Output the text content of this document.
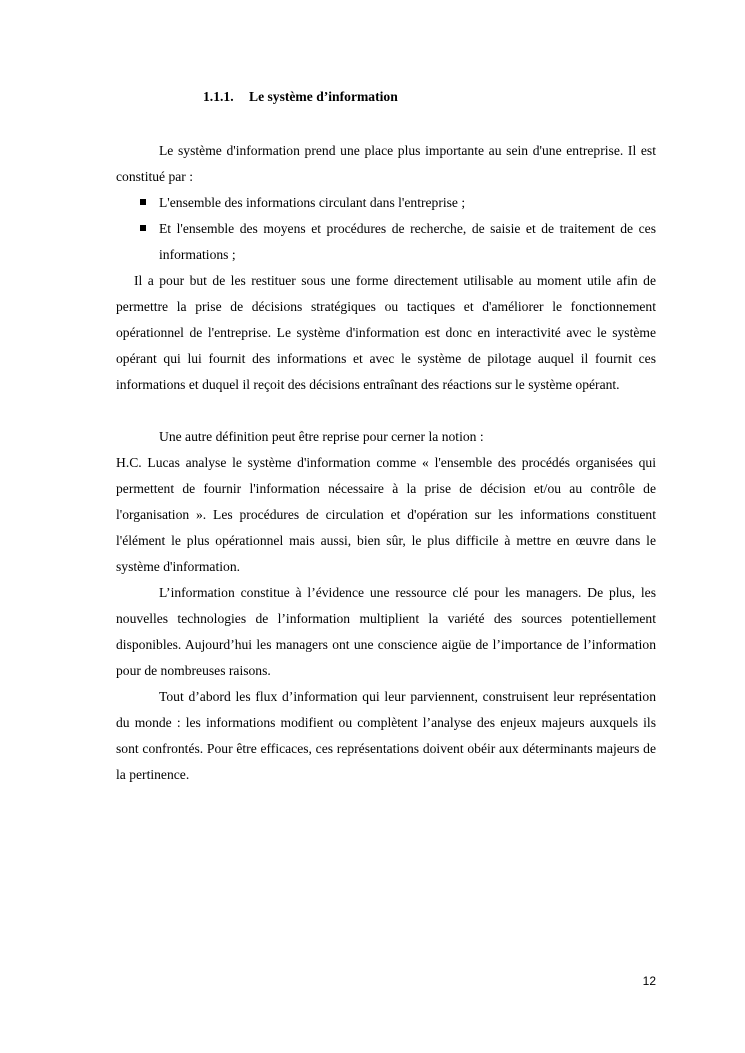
1.1.1. Le système d’information

Le système d'information prend une place plus importante au sein d'une entreprise. Il est constitué par :

L'ensemble des informations circulant dans l'entreprise ;
Et l'ensemble des moyens et procédures de recherche, de saisie et de traitement de ces informations ;

Il a pour but de les restituer sous une forme directement utilisable au moment utile afin de permettre la prise de décisions stratégiques ou tactiques et d'améliorer le fonctionnement opérationnel de l'entreprise. Le système d'information est donc en interactivité avec le système opérant qui lui fournit des informations et avec le système de pilotage auquel il fournit ces informations et duquel il reçoit des décisions entraînant des réactions sur le système opérant.

Une autre définition peut être reprise pour cerner la notion :

H.C. Lucas analyse le système d'information comme « l'ensemble des procédés organisées qui permettent de fournir l'information nécessaire à la prise de décision et/ou au contrôle de l'organisation ». Les procédures de circulation et d'opération sur les informations constituent l'élément le plus opérationnel mais aussi, bien sûr, le plus difficile à mettre en œuvre dans le système d'information.

L’information constitue à l’évidence une ressource clé pour les managers. De plus, les nouvelles technologies de l’information multiplient la variété des sources potentiellement disponibles. Aujourd’hui les managers ont une conscience aigüe de l’importance de l’information pour de nombreuses raisons.

Tout d’abord les flux d’information qui leur parviennent, construisent leur représentation du monde : les informations modifient ou complètent l’analyse des enjeux majeurs auxquels ils sont confrontés. Pour être efficaces, ces représentations doivent obéir aux déterminants majeurs de la pertinence.

12
